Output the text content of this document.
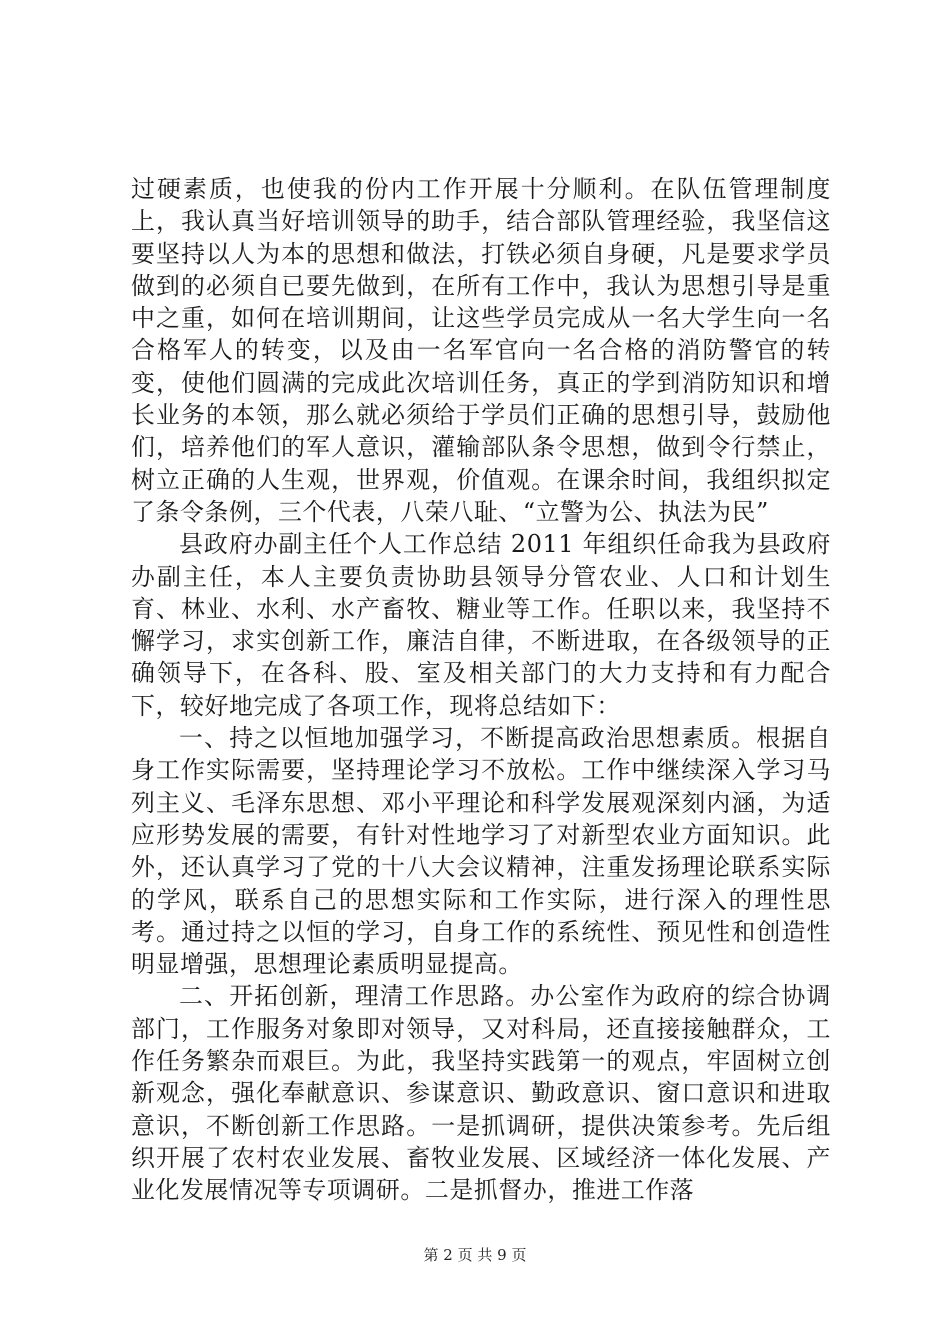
过硬素质，也使我的份内工作开展十分顺利。在队伍管理制度上，我认真当好培训领导的助手，结合部队管理经验，我坚信这要坚持以人为本的思想和做法，打铁必须自身硬，凡是要求学员做到的必须自已要先做到，在所有工作中，我认为思想引导是重中之重，如何在培训期间，让这些学员完成从一名大学生向一名合格军人的转变，以及由一名军官向一名合格的消防警官的转变，使他们圆满的完成此次培训任务，真正的学到消防知识和增长业务的本领，那么就必须给于学员们正确的思想引导，鼓励他们，培养他们的军人意识，灌输部队条令思想，做到令行禁止，树立正确的人生观，世界观，价值观。在课余时间，我组织拟定了条令条例，三个代表，八荣八耻、“立警为公、执法为民”

县政府办副主任个人工作总结 2011 年组织任命我为县政府办副主任，本人主要负责协助县领导分管农业、人口和计划生育、林业、水利、水产畜牧、糖业等工作。任职以来，我坚持不懈学习，求实创新工作，廉洁自律，不断进取，在各级领导的正确领导下，在各科、股、室及相关部门的大力支持和有力配合下，较好地完成了各项工作，现将总结如下：

一、持之以恒地加强学习，不断提高政治思想素质。根据自身工作实际需要，坚持理论学习不放松。工作中继续深入学习马列主义、毛泽东思想、邓小平理论和科学发展观深刻内涵，为适应形势发展的需要，有针对性地学习了对新型农业方面知识。此外，还认真学习了党的十八大会议精神，注重发扬理论联系实际的学风，联系自己的思想实际和工作实际，进行深入的理性思考。通过持之以恒的学习，自身工作的系统性、预见性和创造性明显增强，思想理论素质明显提高。

二、开拓创新，理清工作思路。办公室作为政府的综合协调部门，工作服务对象即对领导，又对科局，还直接接触群众，工作任务繁杂而艰巨。为此，我坚持实践第一的观点，牢固树立创新观念，强化奉献意识、参谋意识、勤政意识、窗口意识和进取意识，不断创新工作思路。一是抓调研，提供决策参考。先后组织开展了农村农业发展、畜牧业发展、区域经济一体化发展、产业化发展情况等专项调研。二是抓督办，推进工作落

第 2 页 共 9 页
